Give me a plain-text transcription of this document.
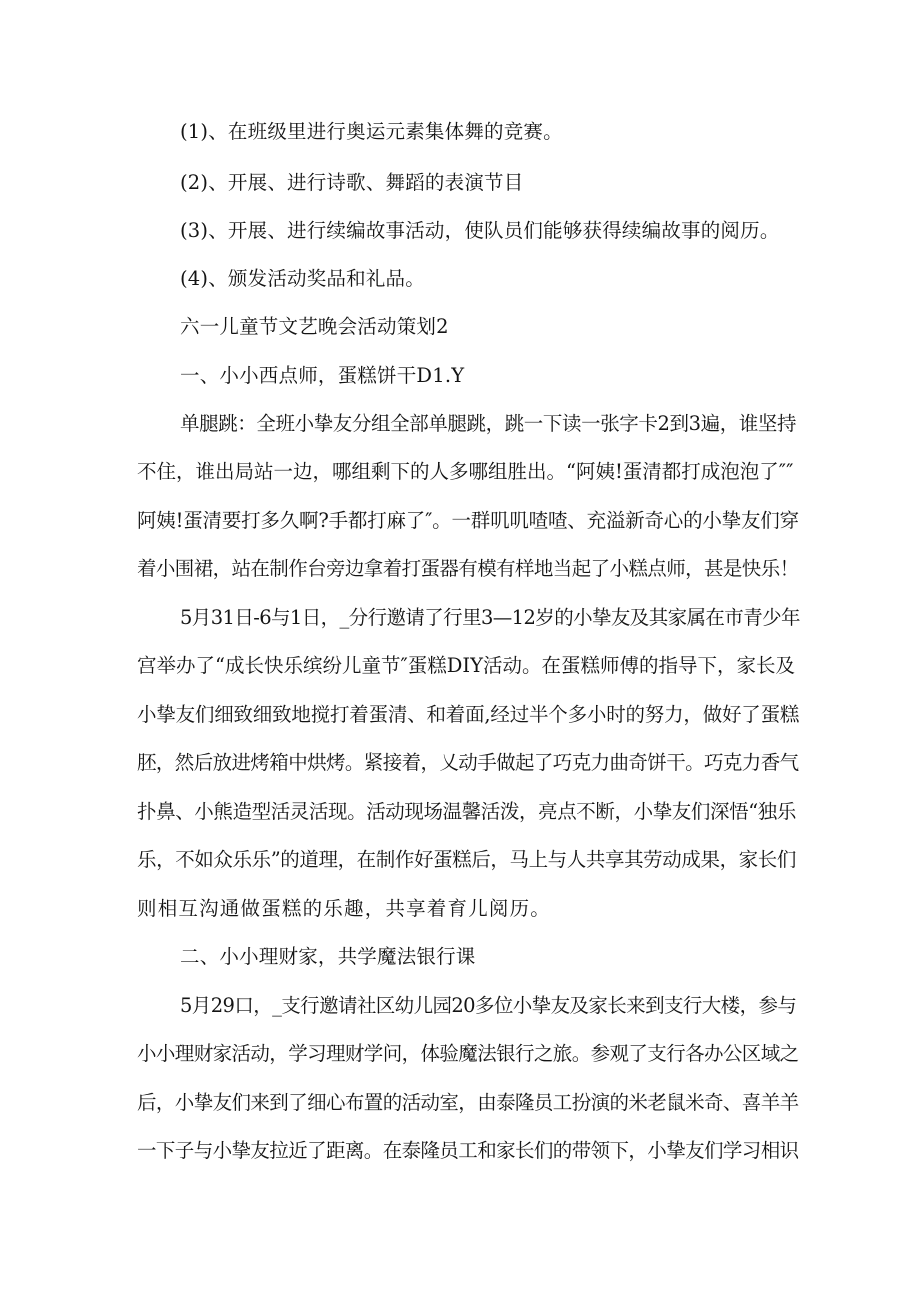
(1)、在班级里进行奥运元素集体舞的竞赛。
(2)、开展、进行诗歌、舞蹈的表演节目
(3)、开展、进行续编故事活动，使队员们能够获得续编故事的阅历。
(4)、颁发活动奖品和礼品。
六一儿童节文艺晚会活动策划2
一、小小西点师，蛋糕饼干D1.Y
单腿跳：全班小挚友分组全部单腿跳，跳一下读一张字卡2到3遍，谁坚持
不住，谁出局站一边，哪组剩下的人多哪组胜出。“阿姨!蛋清都打成泡泡了″″
阿姨!蛋清要打多久啊?手都打麻了″。一群叽叽喳喳、充溢新奇心的小挚友们穿
着小围裙，站在制作台旁边拿着打蛋器有模有样地当起了小糕点师，甚是快乐！
5月31日-6与1日，_分行邀请了行里3—12岁的小挚友及其家属在市青少年
宫举办了“成长快乐缤纷儿童节″蛋糕DIY活动。在蛋糕师傅的指导下，家长及
小挚友们细致细致地搅打着蛋清、和着面,经过半个多小时的努力，做好了蛋糕
胚，然后放进烤箱中烘烤。紧接着，乂动手做起了巧克力曲奇饼干。巧克力香气
扑鼻、小熊造型活灵活现。活动现场温馨活泼，亮点不断，小挚友们深悟“独乐
乐，不如众乐乐”的道理，在制作好蛋糕后，马上与人共享其劳动成果，家长们
则相互沟通做蛋糕的乐趣，共享着育儿阅历。
二、小小理财家，共学魔法银行课
5月29口，_支行邀请社区幼儿园20多位小挚友及家长来到支行大楼，参与
小小理财家活动，学习理财学问，体验魔法银行之旅。参观了支行各办公区域之
后，小挚友们来到了细心布置的活动室，由泰隆员工扮演的米老鼠米奇、喜羊羊
一下子与小挚友拉近了距离。在泰隆员工和家长们的带领下，小挚友们学习相识
